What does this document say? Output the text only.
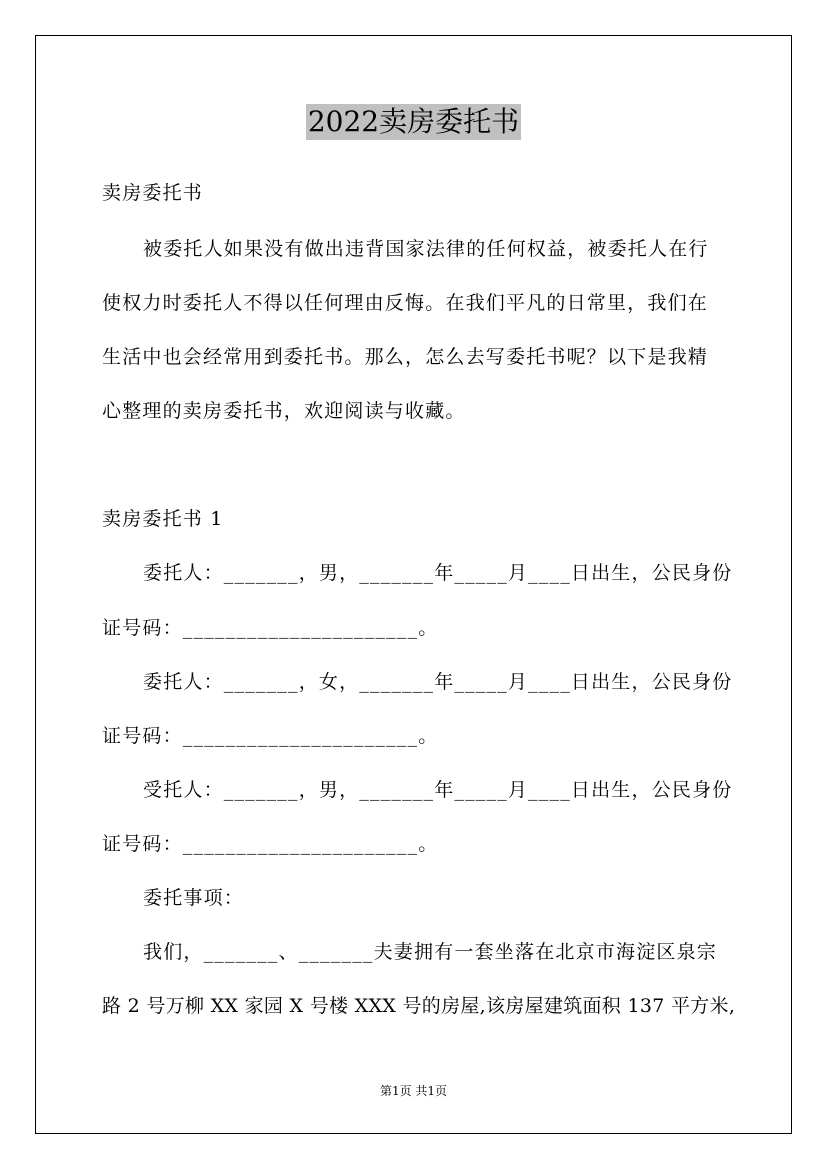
2022卖房委托书
卖房委托书
被委托人如果没有做出违背国家法律的任何权益，被委托人在行
使权力时委托人不得以任何理由反悔。在我们平凡的日常里，我们在
生活中也会经常用到委托书。那么，怎么去写委托书呢？以下是我精
心整理的卖房委托书，欢迎阅读与收藏。
卖房委托书 1
委托人：_______，男，_______年_____月____日出生，公民身份
证号码：______________________。
委托人：_______，女，_______年_____月____日出生，公民身份
证号码：______________________。
受托人：_______，男，_______年_____月____日出生，公民身份
证号码：______________________。
委托事项：
我们，_______、_______夫妻拥有一套坐落在北京市海淀区泉宗
路 2 号万柳 XX 家园 X 号楼 XXX 号的房屋,该房屋建筑面积 137 平方米,
第1页 共1页
